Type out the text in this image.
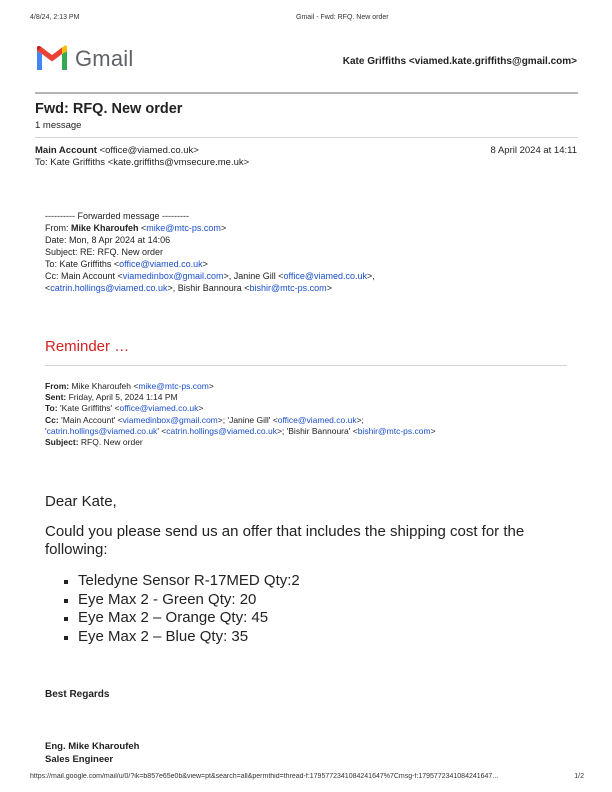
4/8/24, 2:13 PM	Gmail - Fwd: RFQ. New order
Gmail	Kate Griffiths <viamed.kate.griffiths@gmail.com>
Fwd: RFQ. New order
1 message
Main Account <office@viamed.co.uk>	8 April 2024 at 14:11
To: Kate Griffiths <kate.griffiths@vmsecure.me.uk>
---------- Forwarded message ---------
From: Mike Kharoufeh <mike@mtc-ps.com>
Date: Mon, 8 Apr 2024 at 14:06
Subject: RE: RFQ. New order
To: Kate Griffiths <office@viamed.co.uk>
Cc: Main Account <viamedinbox@gmail.com>, Janine Gill <office@viamed.co.uk>,
<catrin.hollings@viamed.co.uk>, Bishir Bannoura <bishir@mtc-ps.com>
Reminder …
From: Mike Kharoufeh <mike@mtc-ps.com>
Sent: Friday, April 5, 2024 1:14 PM
To: 'Kate Griffiths' <office@viamed.co.uk>
Cc: 'Main Account' <viamedinbox@gmail.com>; 'Janine Gill' <office@viamed.co.uk>;
'catrin.hollings@viamed.co.uk' <catrin.hollings@viamed.co.uk>; 'Bishir Bannoura' <bishir@mtc-ps.com>
Subject: RFQ. New order
Dear Kate,
Could you please send us an offer that includes the shipping cost for the following:
Teledyne Sensor R-17MED Qty:2
Eye Max 2 - Green Qty: 20
Eye Max 2 – Orange Qty: 45
Eye Max 2 – Blue Qty: 35
Best Regards
Eng. Mike Kharoufeh
Sales Engineer
https://mail.google.com/mail/u/0/?ik=b857e65e0b&view=pt&search=all&permthid=thread-f:1795772341084241647%7Cmsg-f:1795772341084241647...	1/2
